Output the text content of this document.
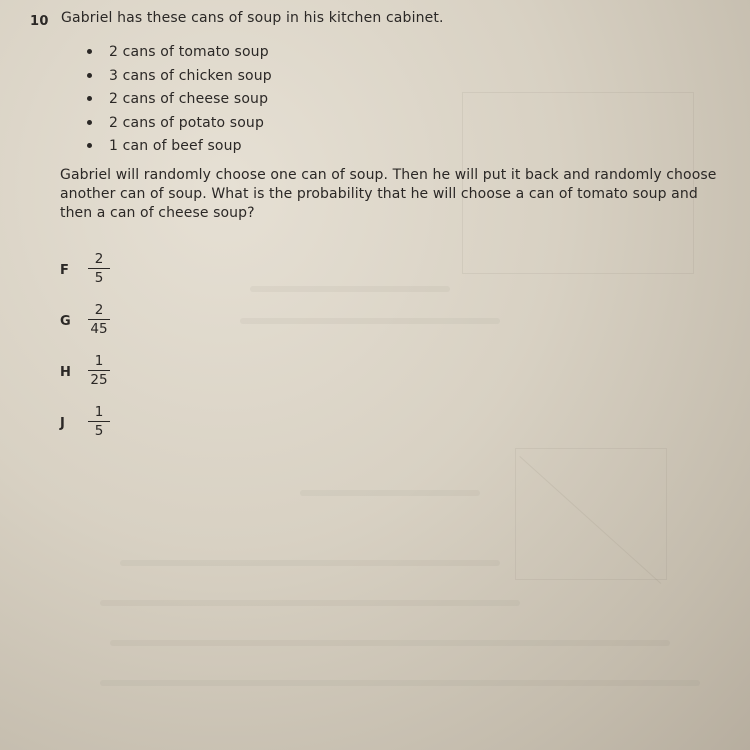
10 Gabriel has these cans of soup in his kitchen cabinet.
2 cans of tomato soup
3 cans of chicken soup
2 cans of cheese soup
2 cans of potato soup
1 can of beef soup
Gabriel will randomly choose one can of soup. Then he will put it back and randomly choose another can of soup. What is the probability that he will choose a can of tomato soup and then a can of cheese soup?
F
2
5
G
2
45
H
1
25
J
1
5
